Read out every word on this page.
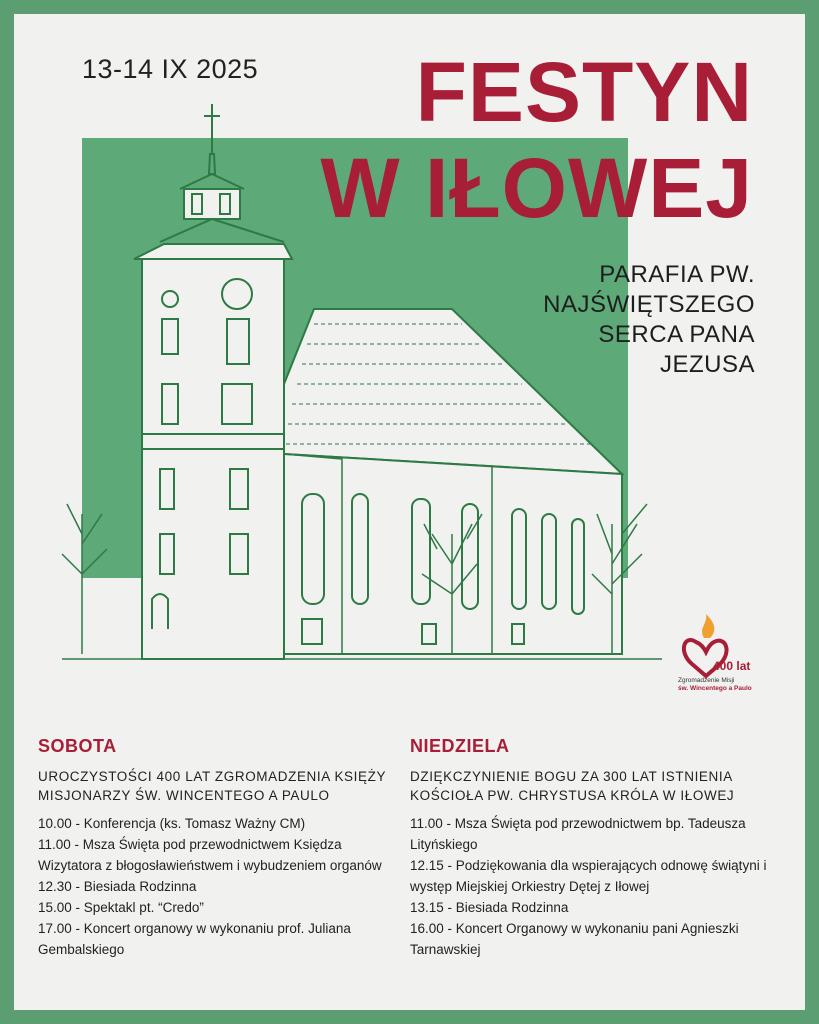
13-14 IX 2025	FESTYN
W IŁOWEJ
PARAFIA PW.
NAJŚWIĘTSZEGO
SERCA PANA
JEZUSA
400 lat
Zgromadzenie Misji
św. Wincentego a Paulo
SOBOTA
UROCZYSTOŚCI 400 LAT ZGROMADZENIA KSIĘŻY MISJONARZY ŚW. WINCENTEGO A PAULO
10.00 - Konferencja (ks. Tomasz Ważny CM)
11.00 - Msza Święta pod przewodnictwem Księdza Wizytatora z błogosławieństwem i wybudzeniem organów
12.30 - Biesiada Rodzinna
15.00 - Spektakl pt. “Credo”
17.00 - Koncert organowy w wykonaniu prof. Juliana Gembalskiego
NIEDZIELA
DZIĘKCZYNIENIE BOGU ZA 300 LAT ISTNIENIA KOŚCIOŁA PW. CHRYSTUSA KRÓLA W IŁOWEJ
11.00 - Msza Święta pod przewodnictwem bp. Tadeusza Lityńskiego
12.15 - Podziękowania dla wspierających odnowę świątyni i występ Miejskiej Orkiestry Dętej z Iłowej
13.15 - Biesiada Rodzinna
16.00 - Koncert Organowy w wykonaniu pani Agnieszki Tarnawskiej
